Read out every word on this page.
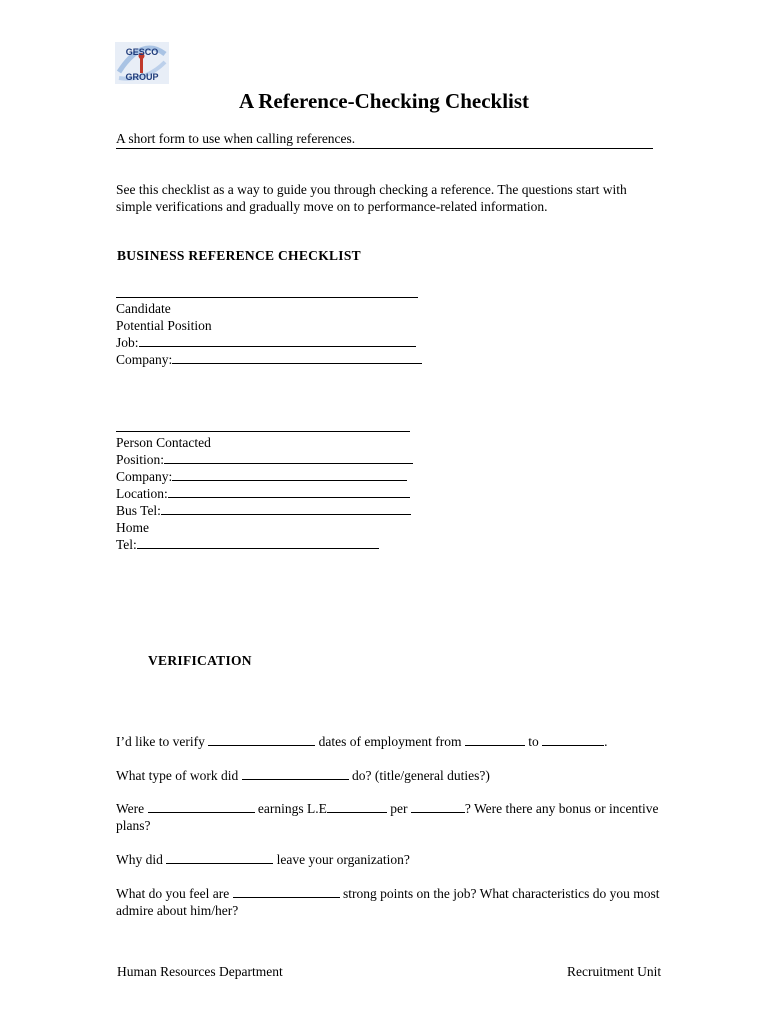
GESCO
GROUP
A Reference-Checking Checklist
A short form to use when calling references.
See this checklist as a way to guide you through checking a reference. The questions start with simple verifications and gradually move on to performance-related information.
BUSINESS REFERENCE CHECKLIST
Candidate
Potential Position
Job:
Company:
Person Contacted
Position:
Company:
Location:
Bus Tel:
Home
Tel:
VERIFICATION
I’d like to verify	dates of employment from	to	.
What type of work did	do? (title/general duties?)
Were	earnings L.E	per	? Were there any bonus or incentive plans?
Why did	leave your organization?
What do you feel are	strong points on the job? What characteristics do you most admire about him/her?
Human Resources Department	Recruitment Unit
